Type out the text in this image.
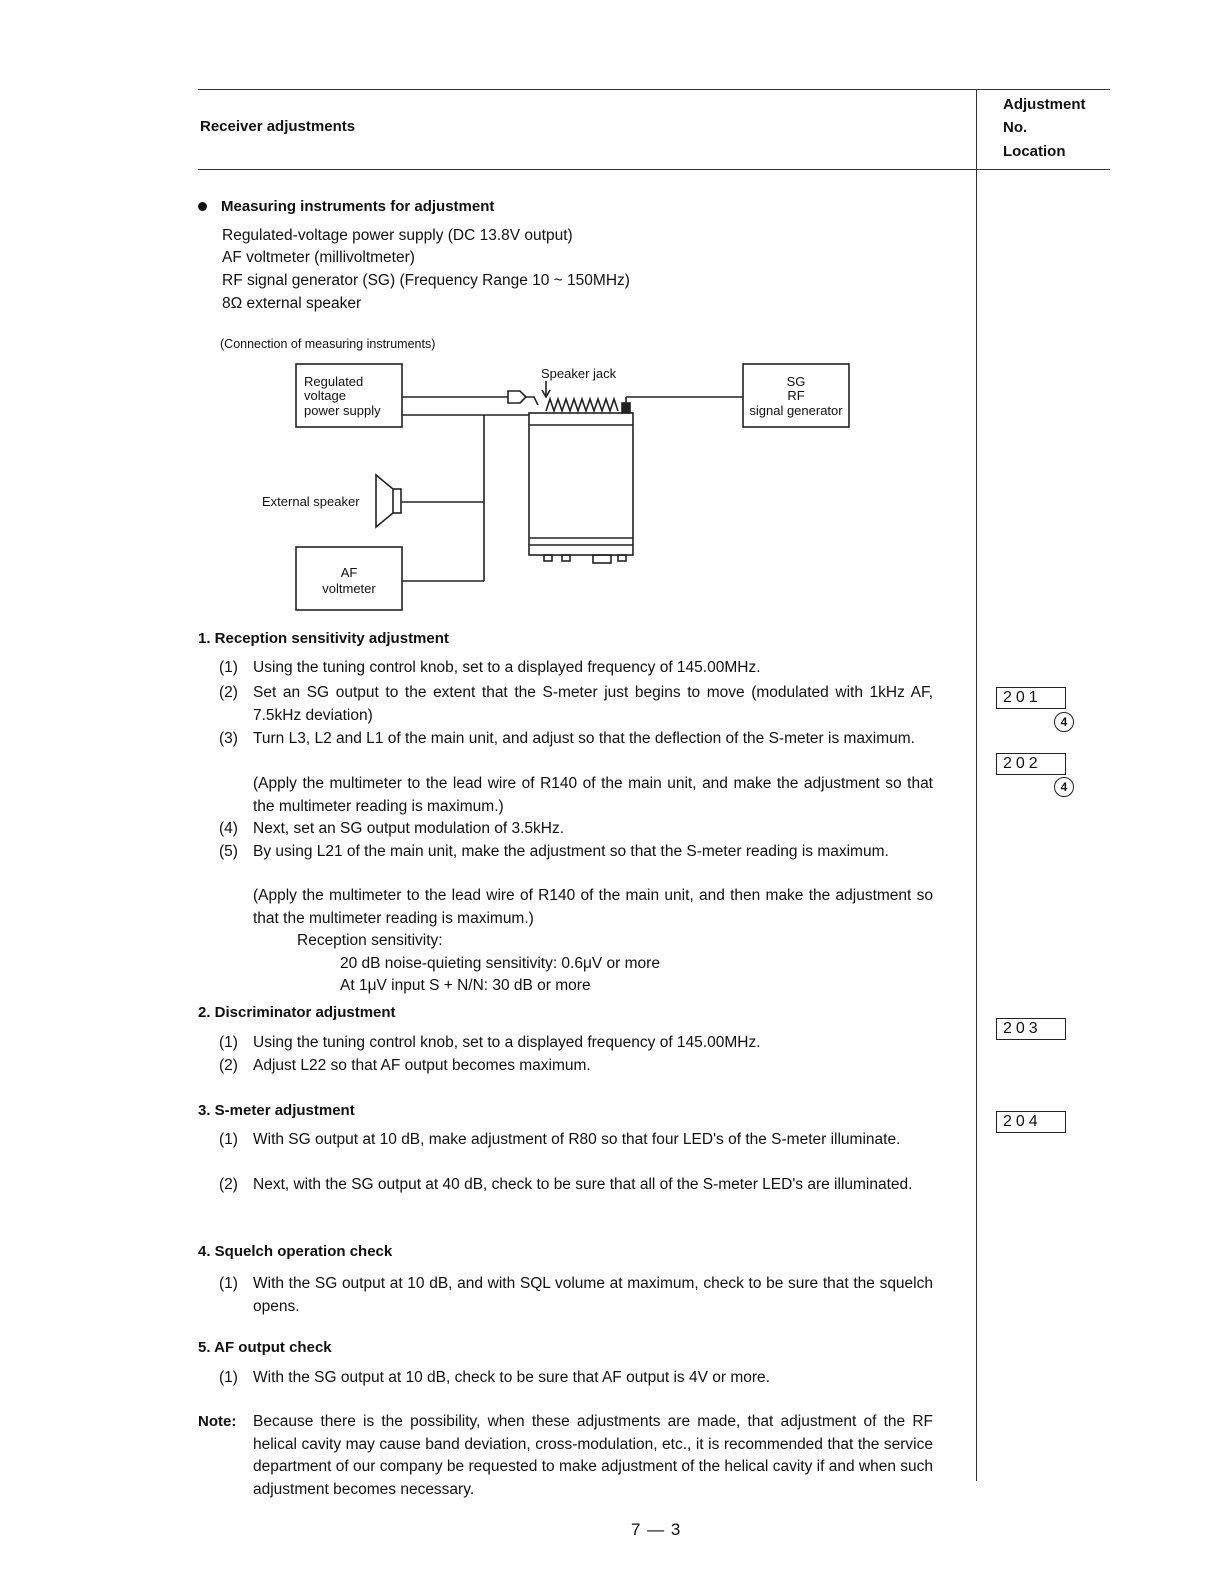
Receiver adjustments
Adjustment
No.
Location
Measuring instruments for adjustment
Regulated-voltage power supply (DC 13.8V output)
AF voltmeter (millivoltmeter)
RF signal generator (SG) (Frequency Range 10 ~ 150MHz)
8Ω external speaker
(Connection of measuring instruments)
Regulated
voltage
power supply
Speaker jack
SG
RF
signal generator
External speaker
AF
voltmeter
1. Reception sensitivity adjustment
(1) Using the tuning control knob, set to a displayed frequency of 145.00MHz.
(2) Set an SG output to the extent that the S-meter just begins to move (modulated with 1kHz AF, 7.5kHz deviation)
(3) Turn L3, L2 and L1 of the main unit, and adjust so that the deflection of the S-meter is maximum.
(Apply the multimeter to the lead wire of R140 of the main unit, and make the adjustment so that the multimeter reading is maximum.)
(4) Next, set an SG output modulation of 3.5kHz.
(5) By using L21 of the main unit, make the adjustment so that the S-meter reading is maximum.
(Apply the multimeter to the lead wire of R140 of the main unit, and then make the adjustment so that the multimeter reading is maximum.)
Reception sensitivity:
20 dB noise-quieting sensitivity: 0.6μV or more
At 1μV input S + N/N: 30 dB or more
2. Discriminator adjustment
(1) Using the tuning control knob, set to a displayed frequency of 145.00MHz.
(2) Adjust L22 so that AF output becomes maximum.
3. S-meter adjustment
(1) With SG output at 10 dB, make adjustment of R80 so that four LED's of the S-meter illuminate.
(2) Next, with the SG output at 40 dB, check to be sure that all of the S-meter LED's are illuminated.
4. Squelch operation check
(1) With the SG output at 10 dB, and with SQL volume at maximum, check to be sure that the squelch opens.
5. AF output check
(1) With the SG output at 10 dB, check to be sure that AF output is 4V or more.
Note: Because there is the possibility, when these adjustments are made, that adjustment of the RF helical cavity may cause band deviation, cross-modulation, etc., it is recommended that the service department of our company be requested to make adjustment of the helical cavity if and when such adjustment becomes necessary.
201
4
202
4
203
204
7 — 3
